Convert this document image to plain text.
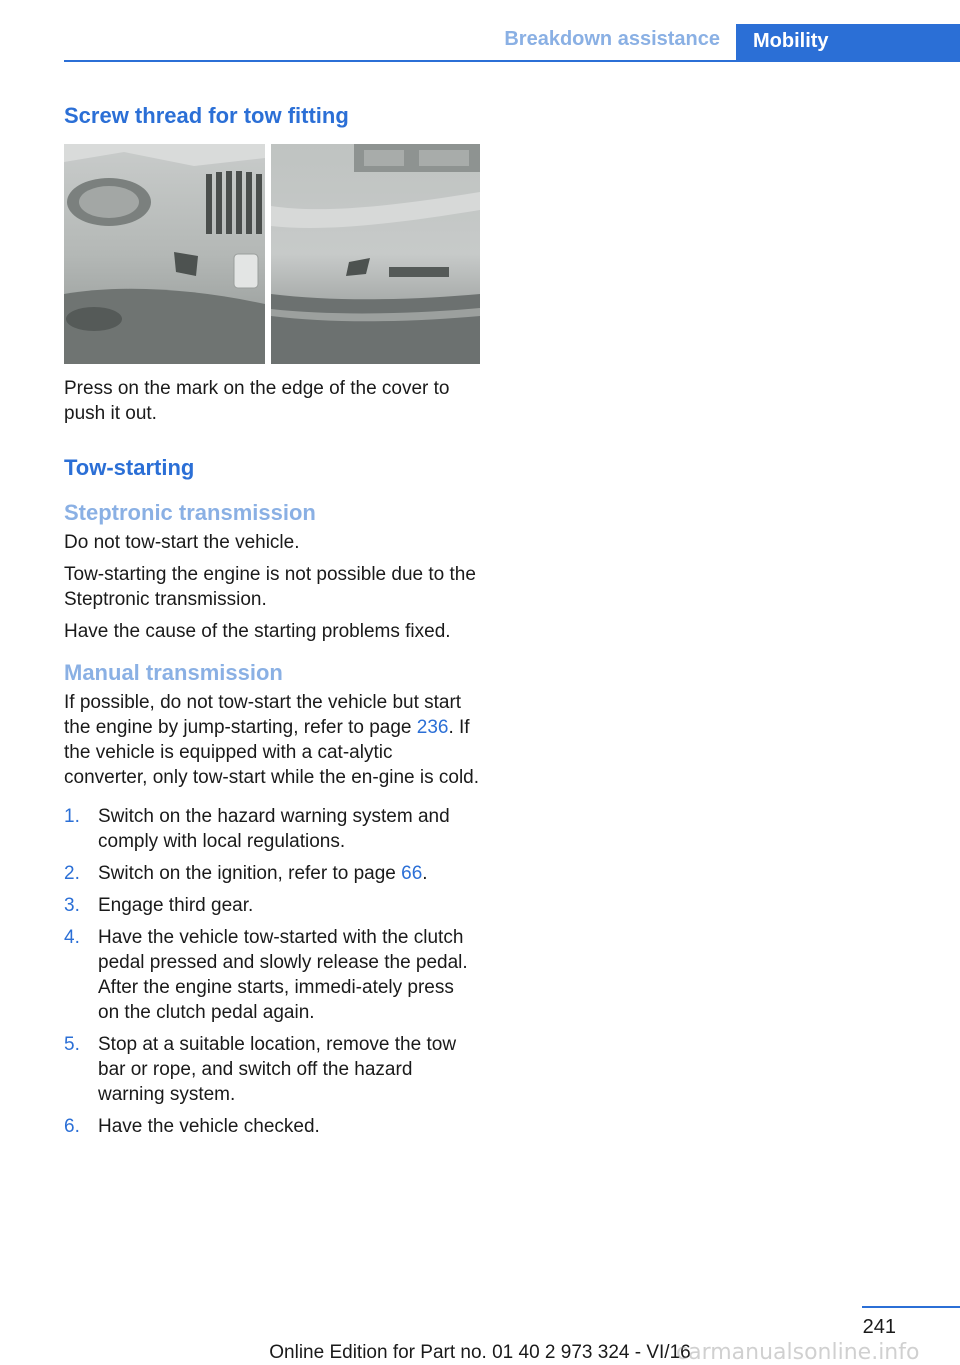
Breakdown assistance	Mobility
Screw thread for tow fitting

Press on the mark on the edge of the cover to push it out.

Tow-starting
Steptronic transmission

Do not tow-start the vehicle.

Tow-starting the engine is not possible due to the Steptronic transmission.

Have the cause of the starting problems fixed.

Manual transmission

If possible, do not tow-start the vehicle but start the engine by jump-starting, refer to page 236. If the vehicle is equipped with a cat-alytic converter, only tow-start while the en-gine is cold.

1. Switch on the hazard warning system and comply with local regulations.
2. Switch on the ignition, refer to page 66.
3. Engage third gear.
4. Have the vehicle tow-started with the clutch pedal pressed and slowly release the pedal. After the engine starts, immedi-ately press on the clutch pedal again.
5. Stop at a suitable location, remove the tow bar or rope, and switch off the hazard warning system.
6. Have the vehicle checked.
241
Online Edition for Part no. 01 40 2 973 324 - VI/16
carmanualsonline.info
